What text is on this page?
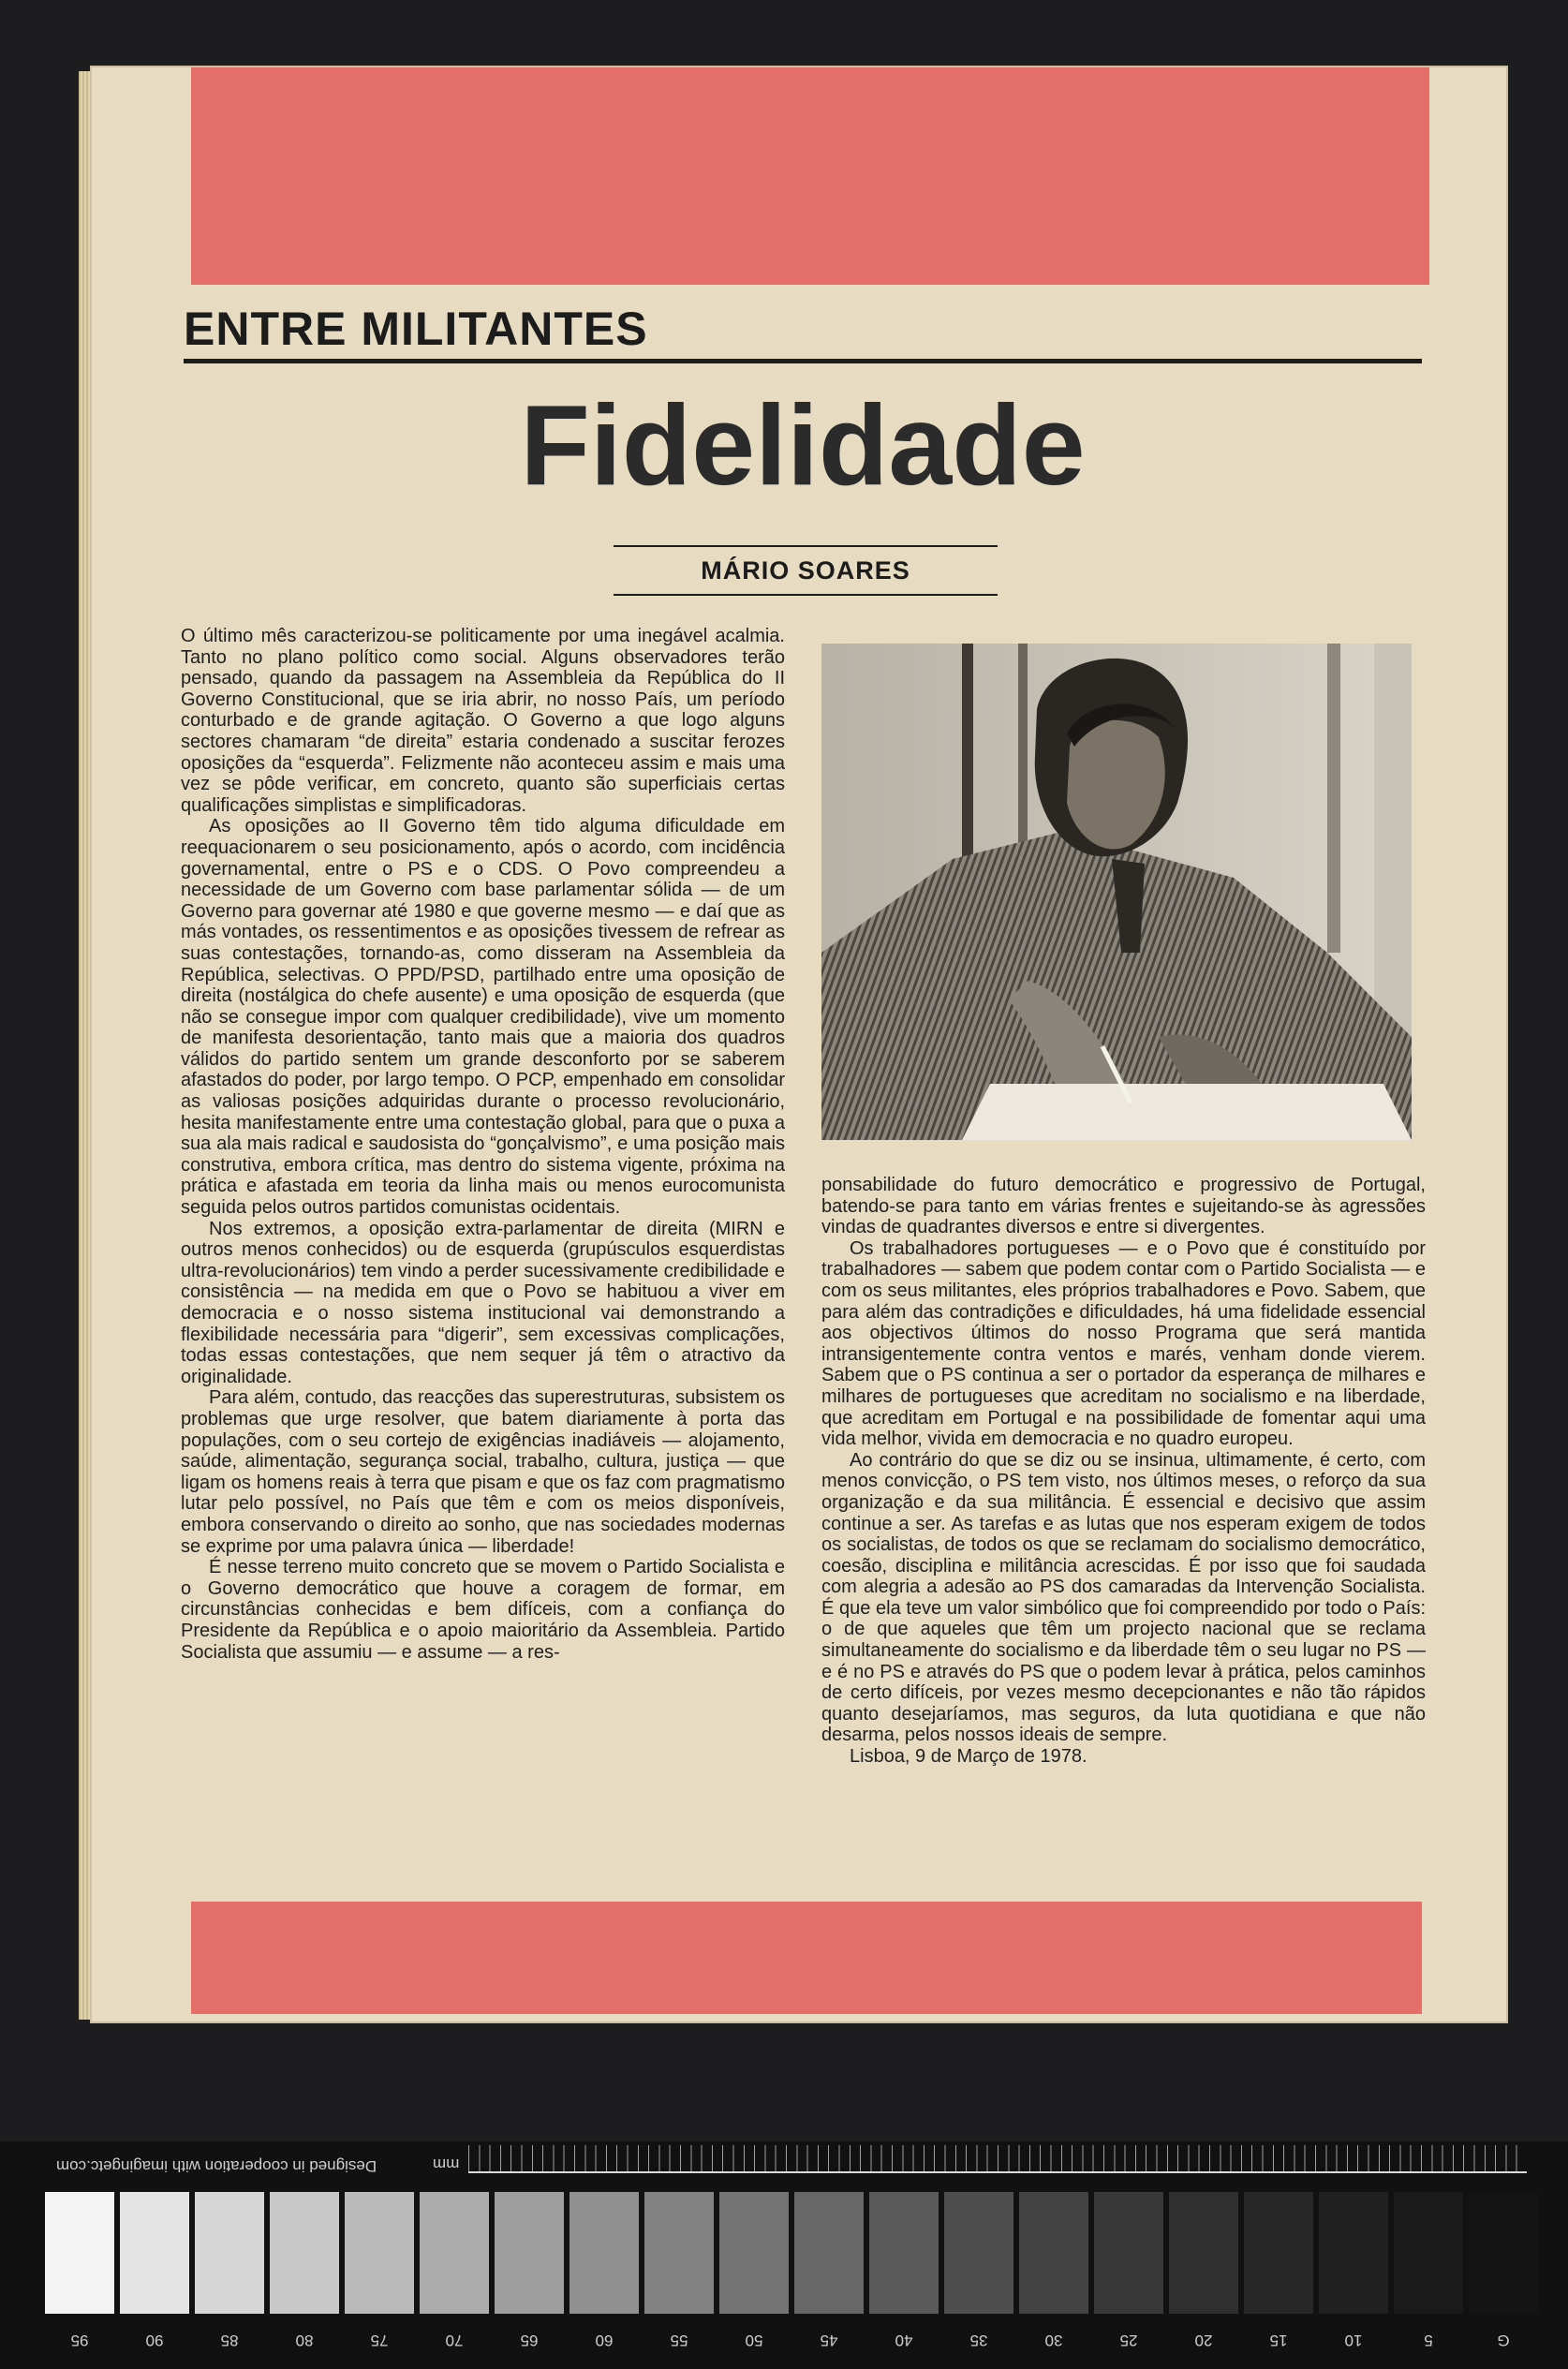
ENTRE MILITANTES
Fidelidade
MÁRIO SOARES

O último mês caracterizou-se politicamente por uma inegável acalmia. Tanto no plano político como social. Alguns observadores terão pensado, quando da passagem na Assembleia da República do II Governo Constitucional, que se iria abrir, no nosso País, um período conturbado e de grande agitação. O Governo a que logo alguns sectores chamaram “de direita” estaria condenado a suscitar ferozes oposições da “esquerda”. Felizmente não aconteceu assim e mais uma vez se pôde verificar, em concreto, quanto são superficiais certas qualificações simplistas e simplificadoras.

As oposições ao II Governo têm tido alguma dificuldade em reequacionarem o seu posicionamento, após o acordo, com incidência governamental, entre o PS e o CDS. O Povo compreendeu a necessidade de um Governo com base parlamentar sólida — de um Governo para governar até 1980 e que governe mesmo — e daí que as más vontades, os ressentimentos e as oposições tivessem de refrear as suas contestações, tornando-as, como disseram na Assembleia da República, selectivas. O PPD/PSD, partilhado entre uma oposição de direita (nostálgica do chefe ausente) e uma oposição de esquerda (que não se consegue impor com qualquer credibilidade), vive um momento de manifesta desorientação, tanto mais que a maioria dos quadros válidos do partido sentem um grande desconforto por se saberem afastados do poder, por largo tempo. O PCP, empenhado em consolidar as valiosas posições adquiridas durante o processo revolucionário, hesita manifestamente entre uma contestação global, para que o puxa a sua ala mais radical e saudosista do “gonçalvismo”, e uma posição mais construtiva, embora crítica, mas dentro do sistema vigente, próxima na prática e afastada em teoria da linha mais ou menos eurocomunista seguida pelos outros partidos comunistas ocidentais.

Nos extremos, a oposição extra-parlamentar de direita (MIRN e outros menos conhecidos) ou de esquerda (grupúsculos esquerdistas ultra-revolucionários) tem vindo a perder sucessivamente credibilidade e consistência — na medida em que o Povo se habituou a viver em democracia e o nosso sistema institucional vai demonstrando a flexibilidade necessária para “digerir”, sem excessivas complicações, todas essas contestações, que nem sequer já têm o atractivo da originalidade.

Para além, contudo, das reacções das superestruturas, subsistem os problemas que urge resolver, que batem diariamente à porta das populações, com o seu cortejo de exigências inadiáveis — alojamento, saúde, alimentação, segurança social, trabalho, cultura, justiça — que ligam os homens reais à terra que pisam e que os faz com pragmatismo lutar pelo possível, no País que têm e com os meios disponíveis, embora conservando o direito ao sonho, que nas sociedades modernas se exprime por uma palavra única — liberdade!

É nesse terreno muito concreto que se movem o Partido Socialista e o Governo democrático que houve a coragem de formar, em circunstâncias conhecidas e bem difíceis, com a confiança do Presidente da República e o apoio maioritário da Assembleia. Partido Socialista que assumiu — e assume — a res-

ponsabilidade do futuro democrático e progressivo de Portugal, batendo-se para tanto em várias frentes e sujeitando-se às agressões vindas de quadrantes diversos e entre si divergentes.

Os trabalhadores portugueses — e o Povo que é constituído por trabalhadores — sabem que podem contar com o Partido Socialista — e com os seus militantes, eles próprios trabalhadores e Povo. Sabem, que para além das contradições e dificuldades, há uma fidelidade essencial aos objectivos últimos do nosso Programa que será mantida intransigentemente contra ventos e marés, venham donde vierem. Sabem que o PS continua a ser o portador da esperança de milhares e milhares de portugueses que acreditam no socialismo e na liberdade, que acreditam em Portugal e na possibilidade de fomentar aqui uma vida melhor, vivida em democracia e no quadro europeu.

Ao contrário do que se diz ou se insinua, ultimamente, é certo, com menos convicção, o PS tem visto, nos últimos meses, o reforço da sua organização e da sua militância. É essencial e decisivo que assim continue a ser. As tarefas e as lutas que nos esperam exigem de todos os socialistas, de todos os que se reclamam do socialismo democrático, coesão, disciplina e militância acrescidas. É por isso que foi saudada com alegria a adesão ao PS dos camaradas da Intervenção Socialista. É que ela teve um valor simbólico que foi compreendido por todo o País: o de que aqueles que têm um projecto nacional que se reclama simultaneamente do socialismo e da liberdade têm o seu lugar no PS — e é no PS e através do PS que o podem levar à prática, pelos caminhos de certo difíceis, por vezes mesmo decepcionantes e não tão rápidos quanto desejaríamos, mas seguros, da luta quotidiana e que não desarma, pelos nossos ideais de sempre.

Lisboa, 9 de Março de 1978.

Designed in cooperation with imagingetc.com	mm
95	90	85	80	75	70	65	60	55	50	45	40	35	30	25	20	15	10	5	G
